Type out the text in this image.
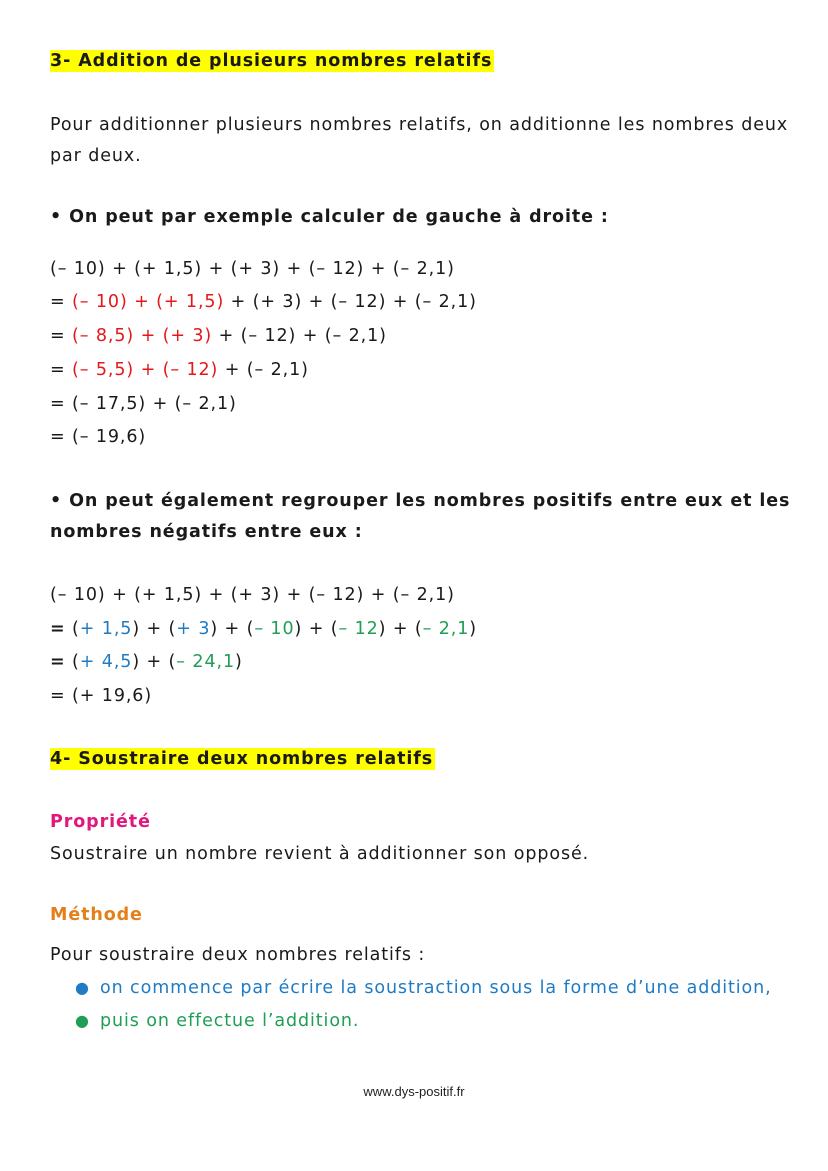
3- Addition de plusieurs nombres relatifs
Pour additionner plusieurs nombres relatifs, on additionne les nombres deux
par deux.
• On peut par exemple calculer de gauche à droite :
(– 10) + (+ 1,5) + (+ 3) + (– 12) + (– 2,1)
= (– 10) + (+ 1,5) + (+ 3) + (– 12) + (– 2,1)
= (– 8,5) + (+ 3) + (– 12) + (– 2,1)
= (– 5,5) + (– 12) + (– 2,1)
= (– 17,5) + (– 2,1)
= (– 19,6)
• On peut également regrouper les nombres positifs entre eux et les
nombres négatifs entre eux :
(– 10) + (+ 1,5) + (+ 3) + (– 12) + (– 2,1)
= (+ 1,5) + (+ 3) + (– 10) + (– 12) + (– 2,1)
= (+ 4,5) + (– 24,1)
= (+ 19,6)
4- Soustraire deux nombres relatifs
Propriété
Soustraire un nombre revient à additionner son opposé.
Méthode
Pour soustraire deux nombres relatifs :
● on commence par écrire la soustraction sous la forme d’une addition,
● puis on effectue l’addition.
www.dys-positif.fr
